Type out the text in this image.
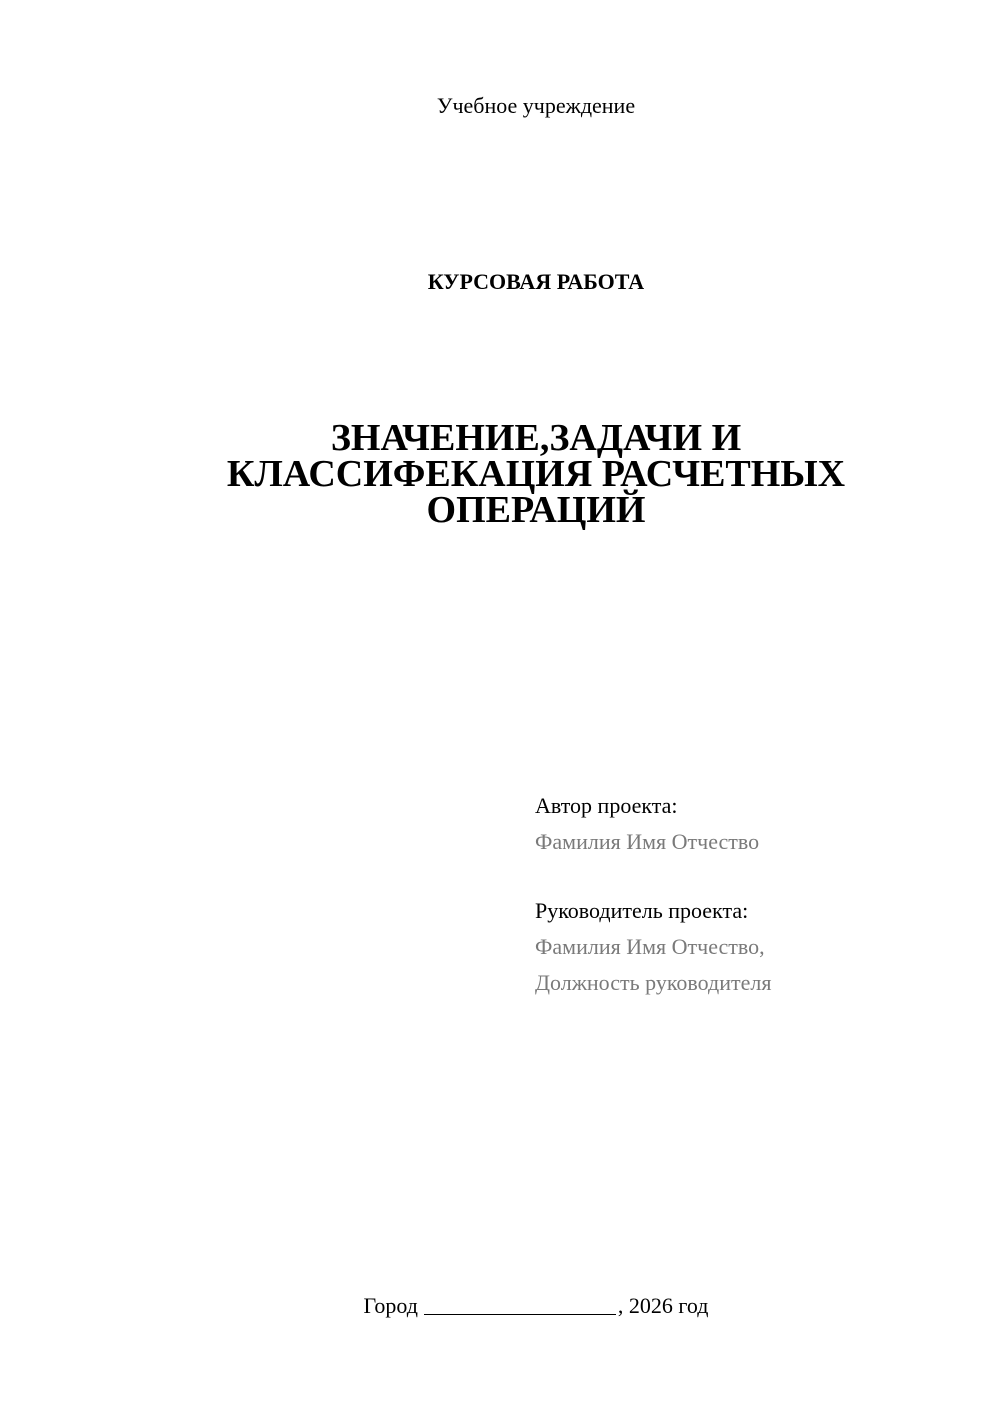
Учебное учреждение
КУРСОВАЯ РАБОТА
ЗНАЧЕНИЕ,ЗАДАЧИ И
КЛАССИФЕКАЦИЯ РАСЧЕТНЫХ
ОПЕРАЦИЙ
Автор проекта:
Фамилия Имя Отчество
Руководитель проекта:
Фамилия Имя Отчество,
Должность руководителя
Город	, 2026 год
